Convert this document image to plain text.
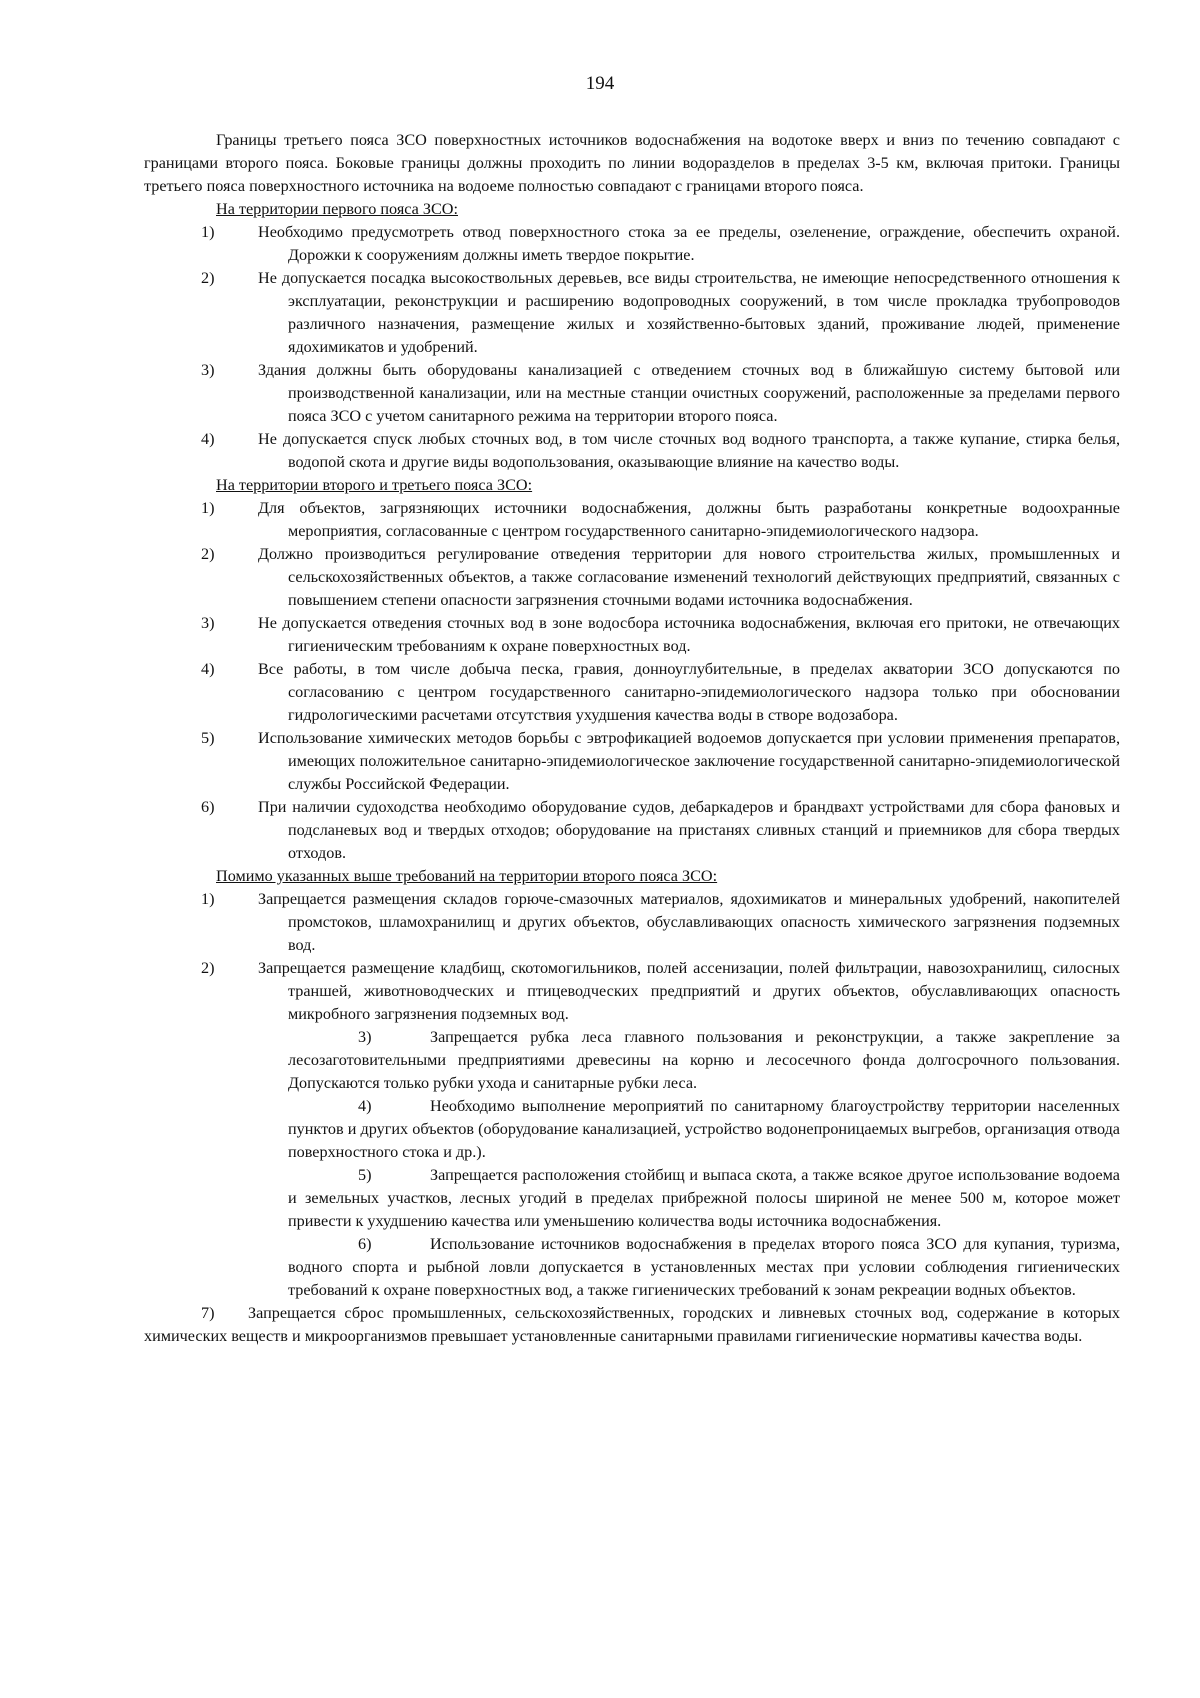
194

Границы третьего пояса ЗСО поверхностных источников водоснабжения на водотоке вверх и вниз по течению совпадают с границами второго пояса. Боковые границы должны проходить по линии водоразделов в пределах 3-5 км, включая притоки. Границы третьего пояса поверхностного источника на водоеме полностью совпадают с границами второго пояса.

На территории первого пояса ЗСО:

1)	Необходимо предусмотреть отвод поверхностного стока за ее пределы, озеленение, ограждение, обеспечить охраной. Дорожки к сооружениям должны иметь твердое покрытие.

2)	Не допускается посадка высокоствольных деревьев, все виды строительства, не имеющие непосредственного отношения к эксплуатации, реконструкции и расширению водопроводных сооружений, в том числе прокладка трубопроводов различного назначения, размещение жилых и хозяйственно-бытовых зданий, проживание людей, применение ядохимикатов и удобрений.

3)	Здания должны быть оборудованы канализацией с отведением сточных вод в ближайшую систему бытовой или производственной канализации, или на местные станции очистных сооружений, расположенные за пределами первого пояса ЗСО с учетом санитарного режима на территории второго пояса.

4)	Не допускается спуск любых сточных вод, в том числе сточных вод водного транспорта, а также купание, стирка белья, водопой скота и другие виды водопользования, оказывающие влияние на качество воды.

На территории второго и третьего пояса ЗСО:

1)	Для объектов, загрязняющих источники водоснабжения, должны быть разработаны конкретные водоохранные мероприятия, согласованные с центром государственного санитарно-эпидемиологического надзора.

2)	Должно производиться регулирование отведения территории для нового строительства жилых, промышленных и сельскохозяйственных объектов, а также согласование изменений технологий действующих предприятий, связанных с повышением степени опасности загрязнения сточными водами источника водоснабжения.

3)	Не допускается отведения сточных вод в зоне водосбора источника водоснабжения, включая его притоки, не отвечающих гигиеническим требованиям к охране поверхностных вод.

4)	Все работы, в том числе добыча песка, гравия, донноуглубительные, в пределах акватории ЗСО допускаются по согласованию с центром государственного санитарно-эпидемиологического надзора только при обосновании гидрологическими расчетами отсутствия ухудшения качества воды в створе водозабора.

5)	Использование химических методов борьбы с эвтрофикацией водоемов допускается при условии применения препаратов, имеющих положительное санитарно-эпидемиологическое заключение государственной санитарно-эпидемиологической службы Российской Федерации.

6)	При наличии судоходства необходимо оборудование судов, дебаркадеров и брандвахт устройствами для сбора фановых и подсланевых вод и твердых отходов; оборудование на пристанях сливных станций и приемников для сбора твердых отходов.

Помимо указанных выше требований на территории второго пояса ЗСО:

1)	Запрещается размещения складов горюче-смазочных материалов, ядохимикатов и минеральных удобрений, накопителей промстоков, шламохранилищ и других объектов, обуславливающих опасность химического загрязнения подземных вод.

2)	Запрещается размещение кладбищ, скотомогильников, полей ассенизации, полей фильтрации, навозохранилищ, силосных траншей, животноводческих и птицеводческих предприятий и других объектов, обуславливающих опасность микробного загрязнения подземных вод.

3)	Запрещается рубка леса главного пользования и реконструкции, а также закрепление за лесозаготовительными предприятиями древесины на корню и лесосечного фонда долгосрочного пользования. Допускаются только рубки ухода и санитарные рубки леса.

4)	Необходимо выполнение мероприятий по санитарному благоустройству территории населенных пунктов и других объектов (оборудование канализацией, устройство водонепроницаемых выгребов, организация отвода поверхностного стока и др.).

5)	Запрещается расположения стойбищ и выпаса скота, а также всякое другое использование водоема и земельных участков, лесных угодий в пределах прибрежной полосы шириной не менее 500 м, которое может привести к ухудшению качества или уменьшению количества воды источника водоснабжения.

6)	Использование источников водоснабжения в пределах второго пояса ЗСО для купания, туризма, водного спорта и рыбной ловли допускается в установленных местах при условии соблюдения гигиенических требований к охране поверхностных вод, а также гигиенических требований к зонам рекреации водных объектов.

7) Запрещается сброс промышленных, сельскохозяйственных, городских и ливневых сточных вод, содержание в которых химических веществ и микроорганизмов превышает установленные санитарными правилами гигиенические нормативы качества воды.
